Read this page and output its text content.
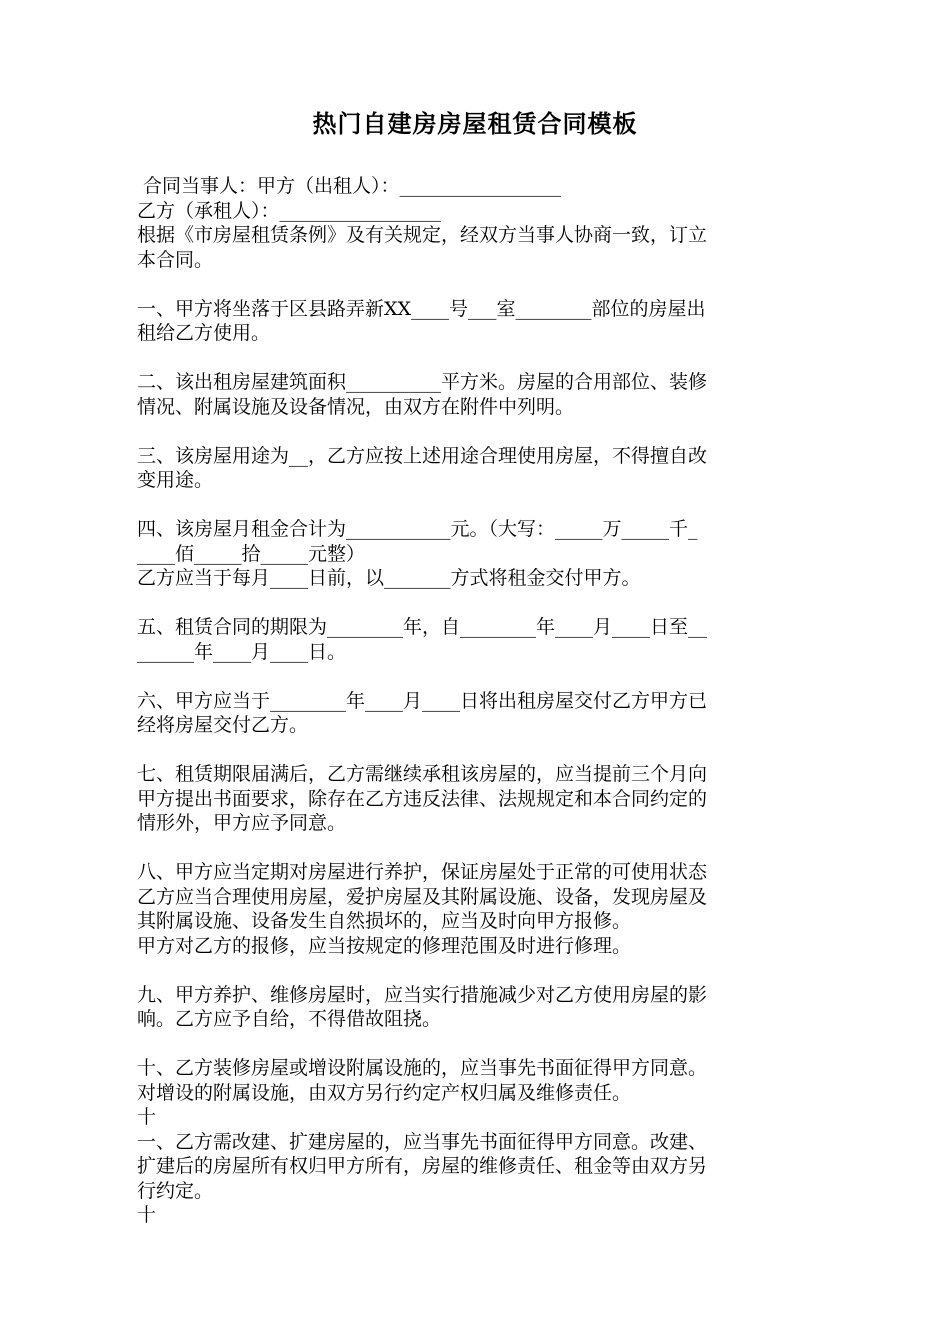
热门自建房房屋租赁合同模板
合同当事人：甲方（出租人）：_________________
乙方（承租人）：_________________
根据《市房屋租赁条例》及有关规定，经双方当事人协商一致，订立
本合同。
一、甲方将坐落于区县路弄新XX____号___室________部位的房屋出
租给乙方使用。
二、该出租房屋建筑面积__________平方米。房屋的合用部位、装修
情况、附属设施及设备情况，由双方在附件中列明。
三、该房屋用途为__，乙方应按上述用途合理使用房屋，不得擅自改
变用途。
四、该房屋月租金合计为___________元。（大写：_____万_____千_
____佰_____拾_____元整）
乙方应当于每月____日前，以_______方式将租金交付甲方。
五、租赁合同的期限为________年，自________年____月____日至__
______年____月____日。
六、甲方应当于________年____月____日将出租房屋交付乙方甲方已
经将房屋交付乙方。
七、租赁期限届满后，乙方需继续承租该房屋的，应当提前三个月向
甲方提出书面要求，除存在乙方违反法律、法规规定和本合同约定的
情形外，甲方应予同意。
八、甲方应当定期对房屋进行养护，保证房屋处于正常的可使用状态
乙方应当合理使用房屋，爱护房屋及其附属设施、设备，发现房屋及
其附属设施、设备发生自然损坏的，应当及时向甲方报修。
甲方对乙方的报修，应当按规定的修理范围及时进行修理。
九、甲方养护、维修房屋时，应当实行措施减少对乙方使用房屋的影
响。乙方应予自给，不得借故阻挠。
十、乙方装修房屋或增设附属设施的，应当事先书面征得甲方同意。
对增设的附属设施，由双方另行约定产权归属及维修责任。
十
一、乙方需改建、扩建房屋的，应当事先书面征得甲方同意。改建、
扩建后的房屋所有权归甲方所有，房屋的维修责任、租金等由双方另
行约定。
十
